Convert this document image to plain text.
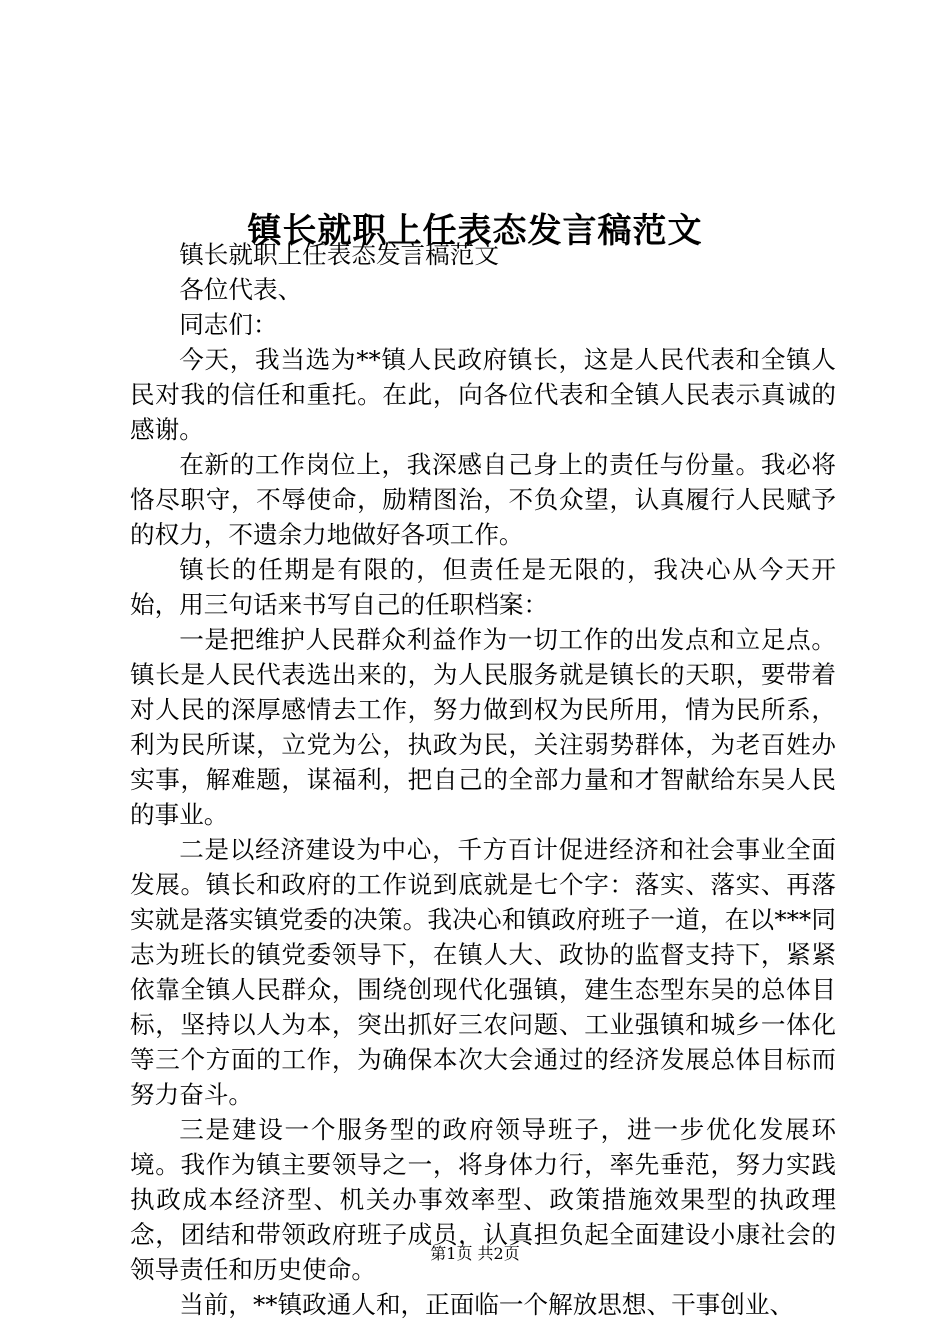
镇长就职上任表态发言稿范文

镇长就职上任表态发言稿范文

各位代表、

同志们：

今天，我当选为**镇人民政府镇长，这是人民代表和全镇人民对我的信任和重托。在此，向各位代表和全镇人民表示真诚的感谢。

在新的工作岗位上，我深感自己身上的责任与份量。我必将恪尽职守，不辱使命，励精图治，不负众望，认真履行人民赋予的权力，不遗余力地做好各项工作。

镇长的任期是有限的，但责任是无限的，我决心从今天开始，用三句话来书写自己的任职档案：

一是把维护人民群众利益作为一切工作的出发点和立足点。镇长是人民代表选出来的，为人民服务就是镇长的天职，要带着对人民的深厚感情去工作，努力做到权为民所用，情为民所系，利为民所谋，立党为公，执政为民，关注弱势群体，为老百姓办实事，解难题，谋福利，把自己的全部力量和才智献给东吴人民的事业。

二是以经济建设为中心，千方百计促进经济和社会事业全面发展。镇长和政府的工作说到底就是七个字：落实、落实、再落实就是落实镇党委的决策。我决心和镇政府班子一道，在以***同志为班长的镇党委领导下，在镇人大、政协的监督支持下，紧紧依靠全镇人民群众，围绕创现代化强镇，建生态型东吴的总体目标，坚持以人为本，突出抓好三农问题、工业强镇和城乡一体化等三个方面的工作，为确保本次大会通过的经济发展总体目标而努力奋斗。

三是建设一个服务型的政府领导班子，进一步优化发展环境。我作为镇主要领导之一，将身体力行，率先垂范，努力实践执政成本经济型、机关办事效率型、政策措施效果型的执政理念，团结和带领政府班子成员，认真担负起全面建设小康社会的领导责任和历史使命。

当前，**镇政通人和，正面临一个解放思想、干事创业、

第1页 共2页
